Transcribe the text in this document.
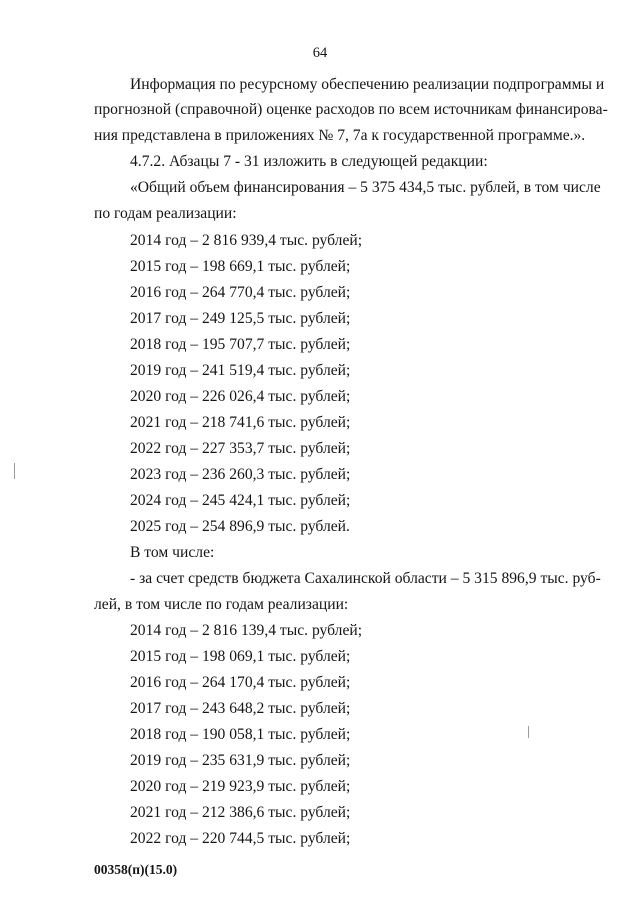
64
Информация по ресурсному обеспечению реализации подпрограммы и
прогнозной (справочной) оценке расходов по всем источникам финансирова-
ния представлена в приложениях № 7, 7а к государственной программе.».
4.7.2. Абзацы 7 - 31 изложить в следующей редакции:
«Общий объем финансирования – 5 375 434,5 тыс. рублей, в том числе
по годам реализации:
2014 год – 2 816 939,4 тыс. рублей;
2015 год – 198 669,1 тыс. рублей;
2016 год – 264 770,4 тыс. рублей;
2017 год – 249 125,5 тыс. рублей;
2018 год – 195 707,7 тыс. рублей;
2019 год – 241 519,4 тыс. рублей;
2020 год – 226 026,4 тыс. рублей;
2021 год – 218 741,6 тыс. рублей;
2022 год – 227 353,7 тыс. рублей;
2023 год – 236 260,3 тыс. рублей;
2024 год – 245 424,1 тыс. рублей;
2025 год – 254 896,9 тыс. рублей.
В том числе:
- за счет средств бюджета Сахалинской области – 5 315 896,9 тыс. руб-
лей, в том числе по годам реализации:
2014 год – 2 816 139,4 тыс. рублей;
2015 год – 198 069,1 тыс. рублей;
2016 год – 264 170,4 тыс. рублей;
2017 год – 243 648,2 тыс. рублей;
2018 год – 190 058,1 тыс. рублей;
2019 год – 235 631,9 тыс. рублей;
2020 год – 219 923,9 тыс. рублей;
2021 год – 212 386,6 тыс. рублей;
2022 год – 220 744,5 тыс. рублей;
00358(п)(15.0)
